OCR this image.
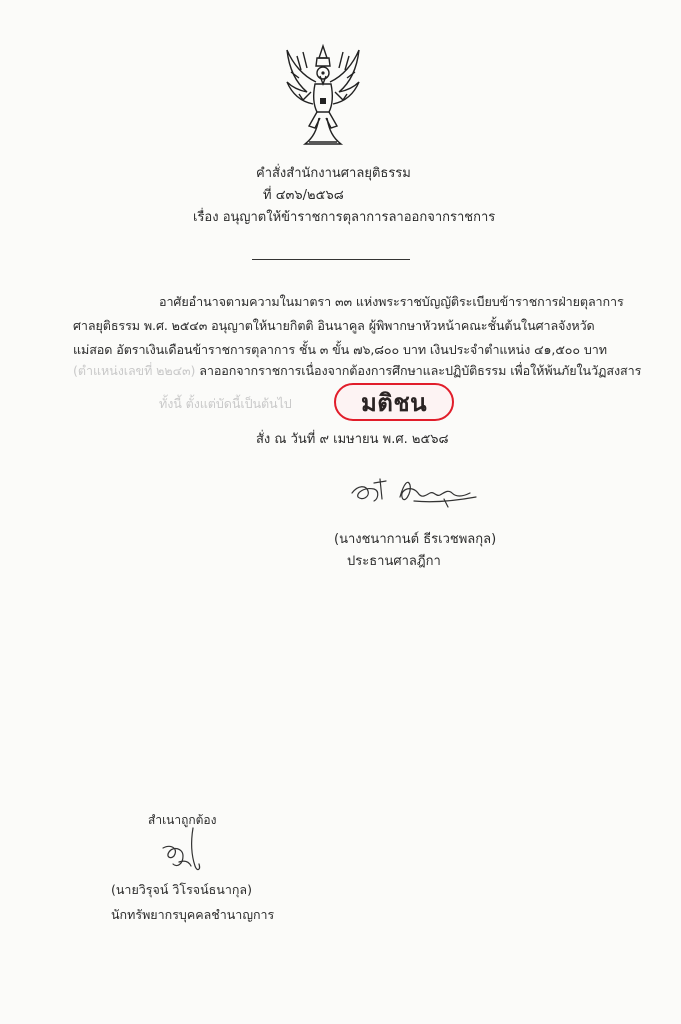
คำสั่งสำนักงานศาลยุติธรรม
ที่ ๔๓๖/๒๕๖๘
เรื่อง อนุญาตให้ข้าราชการตุลาการลาออกจากราชการ
อาศัยอำนาจตามความในมาตรา ๓๓ แห่งพระราชบัญญัติระเบียบข้าราชการฝ่ายตุลาการ
ศาลยุติธรรม พ.ศ. ๒๕๔๓ อนุญาตให้นายกิตติ อินนาคูล ผู้พิพากษาหัวหน้าคณะชั้นต้นในศาลจังหวัด
แม่สอด อัตราเงินเดือนข้าราชการตุลาการ ชั้น ๓ ขั้น ๗๖,๘๐๐ บาท เงินประจำตำแหน่ง ๔๑,๕๐๐ บาท
(ตำแหน่งเลขที่ ๒๒๔๓) ลาออกจากราชการเนื่องจากต้องการศึกษาและปฏิบัติธรรม เพื่อให้พ้นภัยในวัฏสงสาร
ทั้งนี้ ตั้งแต่บัดนี้เป็นต้นไป	มติชน
สั่ง ณ วันที่ ๙ เมษายน พ.ศ. ๒๕๖๘
(นางชนากานต์ ธีรเวชพลกุล)
ประธานศาลฎีกา
สำเนาถูกต้อง
(นายวิรุจน์ วิโรจน์ธนากุล)
นักทรัพยากรบุคคลชำนาญการ
